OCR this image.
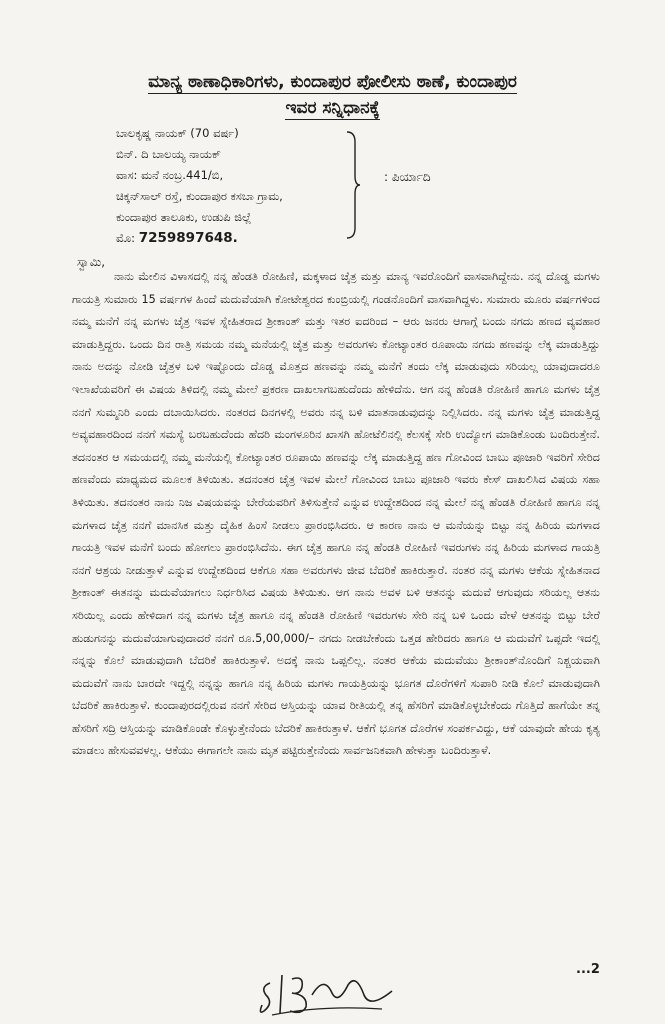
ಮಾನ್ಯ ಠಾಣಾಧಿಕಾರಿಗಳು, ಕುಂದಾಪುರ ಪೋಲೀಸು ಠಾಣೆ, ಕುಂದಾಪುರ
ಇವರ ಸನ್ನಿಧಾನಕ್ಕೆ
ಬಾಲಕೃಷ್ಣ ನಾಯಕ್ (70 ವರ್ಷ)
ಬಿನ್. ದಿ ಬಾಲಯ್ಯ ನಾಯಕ್
ವಾಸ: ಮನೆ ನಂಬ್ರ.441/ಬಿ,
ಚಿಕ್ಕನ್‌ಸಾಲ್ ರಸ್ತೆ, ಕುಂದಾಪುರ ಕಸಬಾ ಗ್ರಾಮ,
ಕುಂದಾಪುರ ತಾಲೂಕು, ಉಡುಪಿ ಜಿಲ್ಲೆ
ಮೊ: 7259897648.
: ಪಿರ್ಯಾದಿ
ಸ್ವಾಮಿ,
ನಾನು ಮೇಲಿನ ವಿಳಾಸದಲ್ಲಿ ನನ್ನ ಹೆಂಡತಿ ರೋಹಿಣಿ, ಮಕ್ಕಳಾದ ಚೈತ್ರ ಮತ್ತು ಮಾನ್ಯ ಇವರೊಂದಿಗೆ ವಾಸವಾಗಿದ್ದೇನು. ನನ್ನ ದೊಡ್ಡ ಮಗಳು ಗಾಯತ್ರಿ ಸುಮಾರು 15 ವರ್ಷಗಳ ಹಿಂದೆ ಮದುವೆಯಾಗಿ ಕೋಟೇಶ್ವರದ ಕುಂಬ್ರಿಯಲ್ಲಿ ಗಂಡನೊಂದಿಗೆ ವಾಸವಾಗಿದ್ದಳು. ಸುಮಾರು ಮೂರು ವರ್ಷಗಳಿಂದ ನಮ್ಮ ಮನೆಗೆ ನನ್ನ ಮಗಳು ಚೈತ್ರ ಇವಳ ಸ್ನೇಹಿತರಾದ ಶ್ರೀಕಾಂತ್ ಮತ್ತು ಇತರ ಐದರಿಂದ – ಆರು ಜನರು ಆಗಾಗ್ಗೆ ಬಂದು ನಗದು ಹಣದ ವ್ಯವಹಾರ ಮಾಡುತ್ತಿದ್ದರು. ಒಂದು ದಿನ ರಾತ್ರಿ ಸಮಯ ನಮ್ಮ ಮನೆಯಲ್ಲಿ ಚೈತ್ರ ಮತ್ತು ಅವರುಗಳು ಕೋಟ್ಯಾಂತರ ರೂಪಾಯಿ ನಗದು ಹಣವನ್ನು ಲೆಕ್ಕ ಮಾಡುತ್ತಿದ್ದು ನಾನು ಅದನ್ನು ನೋಡಿ ಚೈತ್ರಳ ಬಳಿ ಇಷ್ಟೊಂದು ದೊಡ್ಡ ಮೊತ್ತದ ಹಣವನ್ನು ನಮ್ಮ ಮನೆಗೆ ತಂದು ಲೆಕ್ಕ ಮಾಡುವುದು ಸರಿಯಲ್ಲ ಯಾವುದಾದರೂ ಇಲಾಖೆಯವರಿಗೆ ಈ ವಿಷಯ ತಿಳಿದಲ್ಲಿ ನಮ್ಮ ಮೇಲೆ ಪ್ರಕರಣ ದಾಖಲಾಗಬಹುದೆಂದು ಹೇಳಿದೆನು. ಆಗ ನನ್ನ ಹೆಂಡತಿ ರೋಹಿಣಿ ಹಾಗೂ ಮಗಳು ಚೈತ್ರ ನನಗೆ ಸುಮ್ಮನಿರಿ ಎಂದು ದಬಾಯಿಸಿದರು. ನಂತರದ ದಿನಗಳಲ್ಲಿ ಅವರು ನನ್ನ ಬಳಿ ಮಾತನಾಡುವುದನ್ನು ನಿಲ್ಲಿಸಿದರು. ನನ್ನ ಮಗಳು ಚೈತ್ರ ಮಾಡುತ್ತಿದ್ದ ಅವ್ಯವಹಾರದಿಂದ ನನಗೆ ಸಮಸ್ಯೆ ಬರಬಹುದೆಂದು ಹೆದರಿ ಮಂಗಳೂರಿನ ಖಾಸಗಿ ಹೋಟೆಲಿನಲ್ಲಿ ಕೆಲಸಕ್ಕೆ ಸೇರಿ ಉದ್ಯೋಗ ಮಾಡಿಕೊಂಡು ಬಂದಿರುತ್ತೇನೆ. ತದನಂತರ ಆ ಸಮಯದಲ್ಲಿ ನಮ್ಮ ಮನೆಯಲ್ಲಿ ಕೋಟ್ಯಾಂತರ ರೂಪಾಯಿ ಹಣವನ್ನು ಲೆಕ್ಕ ಮಾಡುತ್ತಿದ್ದ ಹಣ ಗೋವಿಂದ ಬಾಬು ಪೂಜಾರಿ ಇವರಿಗೆ ಸೇರಿದ ಹಣವೆಂದು ಮಾಧ್ಯಮದ ಮೂಲಕ ತಿಳಿಯಿತು. ತದನಂತರ ಚೈತ್ರ ಇವಳ ಮೇಲೆ ಗೋವಿಂದ ಬಾಬು ಪೂಜಾರಿ ಇವರು ಕೇಸ್ ದಾಖಲಿಸಿದ ವಿಷಯ ಸಹಾ ತಿಳಿಯಿತು. ತದನಂತರ ನಾನು ನಿಜ ವಿಷಯವನ್ನು ಬೇರೆಯವರಿಗೆ ತಿಳಿಸುತ್ತೇನೆ ಎನ್ನುವ ಉದ್ದೇಶದಿಂದ ನನ್ನ ಮೇಲೆ ನನ್ನ ಹೆಂಡತಿ ರೋಹಿಣಿ ಹಾಗೂ ನನ್ನ ಮಗಳಾದ ಚೈತ್ರ ನನಗೆ ಮಾನಸಿಕ ಮತ್ತು ದೈಹಿಕ ಹಿಂಸೆ ನೀಡಲು ಪ್ರಾರಂಭಿಸಿದರು. ಆ ಕಾರಣ ನಾನು ಆ ಮನೆಯನ್ನು ಬಿಟ್ಟು ನನ್ನ ಹಿರಿಯ ಮಗಳಾದ ಗಾಯತ್ರಿ ಇವಳ ಮನೆಗೆ ಬಂದು ಹೋಗಲು ಪ್ರಾರಂಭಿಸಿದೆನು. ಈಗ ಚೈತ್ರ ಹಾಗೂ ನನ್ನ ಹೆಂಡತಿ ರೋಹಿಣಿ ಇವರುಗಳು ನನ್ನ ಹಿರಿಯ ಮಗಳಾದ ಗಾಯತ್ರಿ ನನಗೆ ಆಶ್ರಯ ನೀಡುತ್ತಾಳೆ ಎನ್ನುವ ಉದ್ದೇಶದಿಂದ ಆಕೆಗೂ ಸಹಾ ಅವರುಗಳು ಜೀವ ಬೆದರಿಕೆ ಹಾಕಿರುತ್ತಾರೆ. ನಂತರ ನನ್ನ ಮಗಳು ಆಕೆಯ ಸ್ನೇಹಿತನಾದ ಶ್ರೀಕಾಂತ್ ಈತನನ್ನು ಮದುವೆಯಾಗಲು ನಿರ್ಧರಿಸಿದ ವಿಷಯ ತಿಳಿಯಿತು. ಆಗ ನಾನು ಅವಳ ಬಳಿ ಆತನನ್ನು ಮದುವೆ ಆಗುವುದು ಸರಿಯಲ್ಲ ಆತನು ಸರಿಯಿಲ್ಲ ಎಂದು ಹೇಳಿದಾಗ ನನ್ನ ಮಗಳು ಚೈತ್ರ ಹಾಗೂ ನನ್ನ ಹೆಂಡತಿ ರೋಹಿಣಿ ಇವರುಗಳು ಸೇರಿ ನನ್ನ ಬಳಿ ಒಂದು ವೇಳೆ ಆತನನ್ನು ಬಿಟ್ಟು ಬೇರೆ ಹುಡುಗನನ್ನು ಮದುವೆಯಾಗುವುದಾದರೆ ನನಗೆ ರೂ.5,00,000/– ನಗದು ನೀಡಬೇಕೆಂದು ಒತ್ತಡ ಹೇರಿದರು ಹಾಗೂ ಆ ಮದುವೆಗೆ ಒಪ್ಪದೇ ಇದಲ್ಲಿ ನನ್ನನ್ನು ಕೊಲೆ ಮಾಡುವುದಾಗಿ ಬೆದರಿಕೆ ಹಾಕಿರುತ್ತಾಳೆ. ಅದಕ್ಕೆ ನಾನು ಒಪ್ಪಲಿಲ್ಲ. ನಂತರ ಆಕೆಯ ಮದುವೆಯು ಶ್ರೀಕಾಂತ್‌ನೊಂದಿಗೆ ನಿಶ್ಚಯವಾಗಿ ಮದುವೆಗೆ ನಾನು ಬಾರದೇ ಇದ್ದಲ್ಲಿ ನನ್ನನ್ನು ಹಾಗೂ ನನ್ನ ಹಿರಿಯ ಮಗಳು ಗಾಯತ್ರಿಯನ್ನು ಭೂಗತ ದೊರೆಗಳಿಗೆ ಸುಪಾರಿ ನೀಡಿ ಕೊಲೆ ಮಾಡುವುದಾಗಿ ಬೆದರಿಕೆ ಹಾಕಿರುತ್ತಾಳೆ. ಕುಂದಾಪುರದಲ್ಲಿರುವ ನನಗೆ ಸೇರಿದ ಆಸ್ತಿಯನ್ನು ಯಾವ ರೀತಿಯಲ್ಲಿ ತನ್ನ ಹೆಸರಿಗೆ ಮಾಡಿಕೊಳ್ಳಬೇಕೆಂದು ಗೊತ್ತಿದೆ ಹಾಗೆಯೇ ತನ್ನ ಹೆಸರಿಗೆ ಸದ್ರಿ ಆಸ್ತಿಯನ್ನು ಮಾಡಿಕೊಂಡೇ ಕೊಳ್ಳುತ್ತೇನೆಂದು ಬೆದರಿಕೆ ಹಾಕಿರುತ್ತಾಳೆ. ಆಕೆಗೆ ಭೂಗತ ದೊರೆಗಳ ಸಂಪರ್ಕವಿದ್ದು, ಆಕೆ ಯಾವುದೇ ಹೇಯ ಕೃತ್ಯ ಮಾಡಲು ಹೇಸುವವಳಲ್ಲ. ಆಕೆಯು ಈಗಾಗಲೇ ನಾನು ಮೃತ ಪಟ್ಟಿರುತ್ತೇನೆಂದು ಸಾರ್ವಜನಿಕವಾಗಿ ಹೇಳುತ್ತಾ ಬಂದಿರುತ್ತಾಳೆ.
...2
